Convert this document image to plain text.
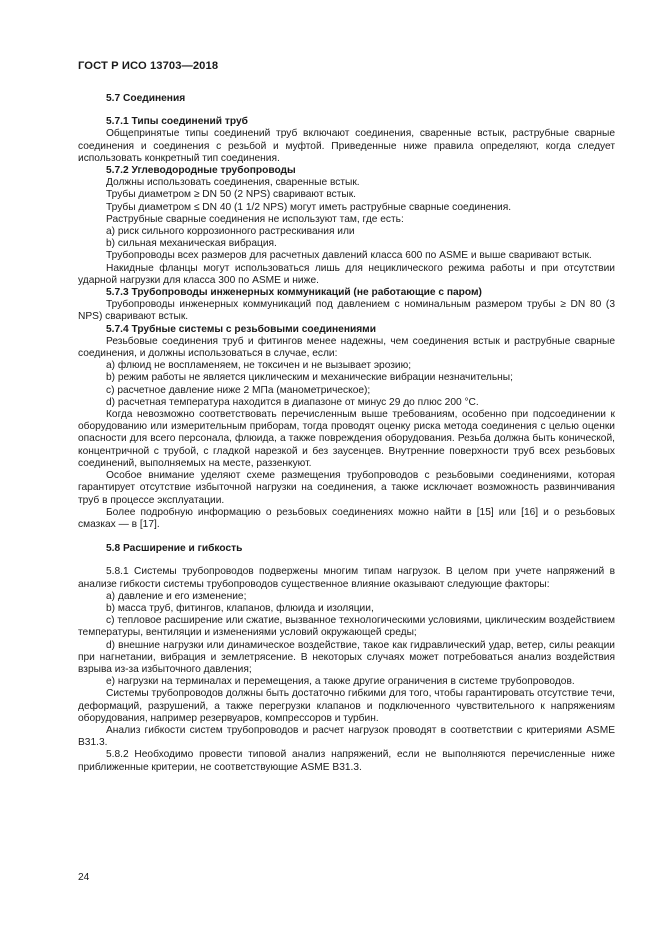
ГОСТ Р ИСО 13703—2018

5.7 Соединения

5.7.1 Типы соединений труб

Общепринятые типы соединений труб включают соединения, сваренные встык, раструбные сварные соединения и соединения с резьбой и муфтой. Приведенные ниже правила определяют, когда следует использовать конкретный тип соединения.

5.7.2 Углеводородные трубопроводы

Должны использовать соединения, сваренные встык.

Трубы диаметром ≥ DN 50 (2 NPS) сваривают встык.

Трубы диаметром ≤ DN 40 (1 1/2 NPS) могут иметь раструбные сварные соединения.

Раструбные сварные соединения не используют там, где есть:

а) риск сильного коррозионного растрескивания или

b) сильная механическая вибрация.

Трубопроводы всех размеров для расчетных давлений класса 600 по ASME и выше сваривают встык.

Накидные фланцы могут использоваться лишь для нециклического режима работы и при отсутствии ударной нагрузки для класса 300 по ASME и ниже.

5.7.3 Трубопроводы инженерных коммуникаций (не работающие с паром)

Трубопроводы инженерных коммуникаций под давлением с номинальным размером трубы ≥ DN 80 (3 NPS) сваривают встык.

5.7.4 Трубные системы с резьбовыми соединениями

Резьбовые соединения труб и фитингов менее надежны, чем соединения встык и раструбные сварные соединения, и должны использоваться в случае, если:

а) флюид не воспламеняем, не токсичен и не вызывает эрозию;

b) режим работы не является циклическим и механические вибрации незначительны;

с) расчетное давление ниже 2 МПа (манометрическое);

d) расчетная температура находится в диапазоне от минус 29 до плюс 200 °С.

Когда невозможно соответствовать перечисленным выше требованиям, особенно при подсоединении к оборудованию или измерительным приборам, тогда проводят оценку риска метода соединения с целью оценки опасности для всего персонала, флюида, а также повреждения оборудования. Резьба должна быть конической, концентричной с трубой, с гладкой нарезкой и без заусенцев. Внутренние поверхности труб всех резьбовых соединений, выполняемых на месте, раззенкуют.

Особое внимание уделяют схеме размещения трубопроводов с резьбовыми соединениями, которая гарантирует отсутствие избыточной нагрузки на соединения, а также исключает возможность развинчивания труб в процессе эксплуатации.

Более подробную информацию о резьбовых соединениях можно найти в [15] или [16] и о резьбовых смазках — в [17].

5.8 Расширение и гибкость

5.8.1 Системы трубопроводов подвержены многим типам нагрузок. В целом при учете напряжений в анализе гибкости системы трубопроводов существенное влияние оказывают следующие факторы:

а) давление и его изменение;

b) масса труб, фитингов, клапанов, флюида и изоляции,

с) тепловое расширение или сжатие, вызванное технологическими условиями, циклическим воздействием температуры, вентиляции и изменениями условий окружающей среды;

d) внешние нагрузки или динамическое воздействие, такое как гидравлический удар, ветер, силы реакции при нагнетании, вибрация и землетрясение. В некоторых случаях может потребоваться анализ воздействия взрыва из-за избыточного давления;

е) нагрузки на терминалах и перемещения, а также другие ограничения в системе трубопроводов.

Системы трубопроводов должны быть достаточно гибкими для того, чтобы гарантировать отсутствие течи, деформаций, разрушений, а также перегрузки клапанов и подключенного чувствительного к напряжениям оборудования, например резервуаров, компрессоров и турбин.

Анализ гибкости систем трубопроводов и расчет нагрузок проводят в соответствии с критериями ASME B31.3.

5.8.2 Необходимо провести типовой анализ напряжений, если не выполняются перечисленные ниже приближенные критерии, не соответствующие ASME B31.3.

24
